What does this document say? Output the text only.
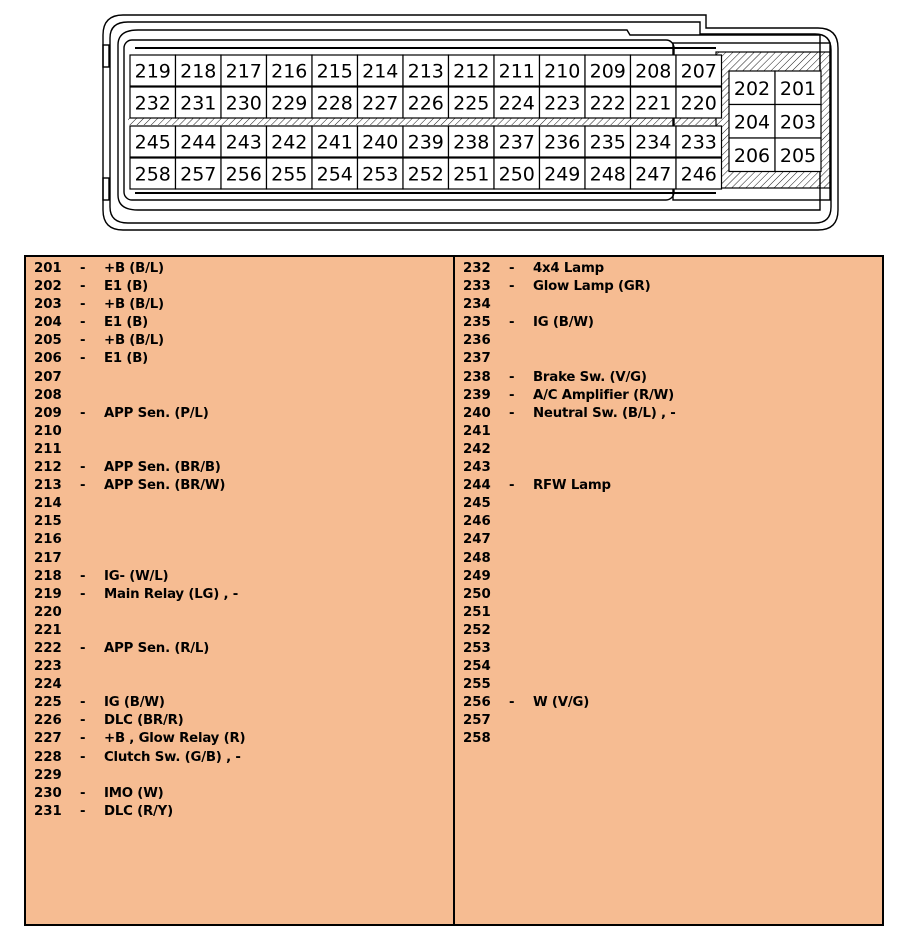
219 218 217 216 215 214 213 212 211 210 209 208 207
232 231 230 229 228 227 226 225 224 223 222 221 220
245 244 243 242 241 240 239 238 237 236 235 234 233
258 257 256 255 254 253 252 251 250 249 248 247 246
202 201
204 203
206 205
201 - +B (B/L)
202 - E1 (B)
203 - +B (B/L)
204 - E1 (B)
205 - +B (B/L)
206 - E1 (B)
207
208
209 - APP Sen. (P/L)
210
211
212 - APP Sen. (BR/B)
213 - APP Sen. (BR/W)
214
215
216
217
218 - IG- (W/L)
219 - Main Relay (LG) , -
220
221
222 - APP Sen. (R/L)
223
224
225 - IG (B/W)
226 - DLC (BR/R)
227 - +B , Glow Relay (R)
228 - Clutch Sw. (G/B) , -
229
230 - IMO (W)
231 - DLC (R/Y)
232 - 4x4 Lamp
233 - Glow Lamp (GR)
234
235 - IG (B/W)
236
237
238 - Brake Sw. (V/G)
239 - A/C Amplifier (R/W)
240 - Neutral Sw. (B/L) , -
241
242
243
244 - RFW Lamp
245
246
247
248
249
250
251
252
253
254
255
256 - W (V/G)
257
258
